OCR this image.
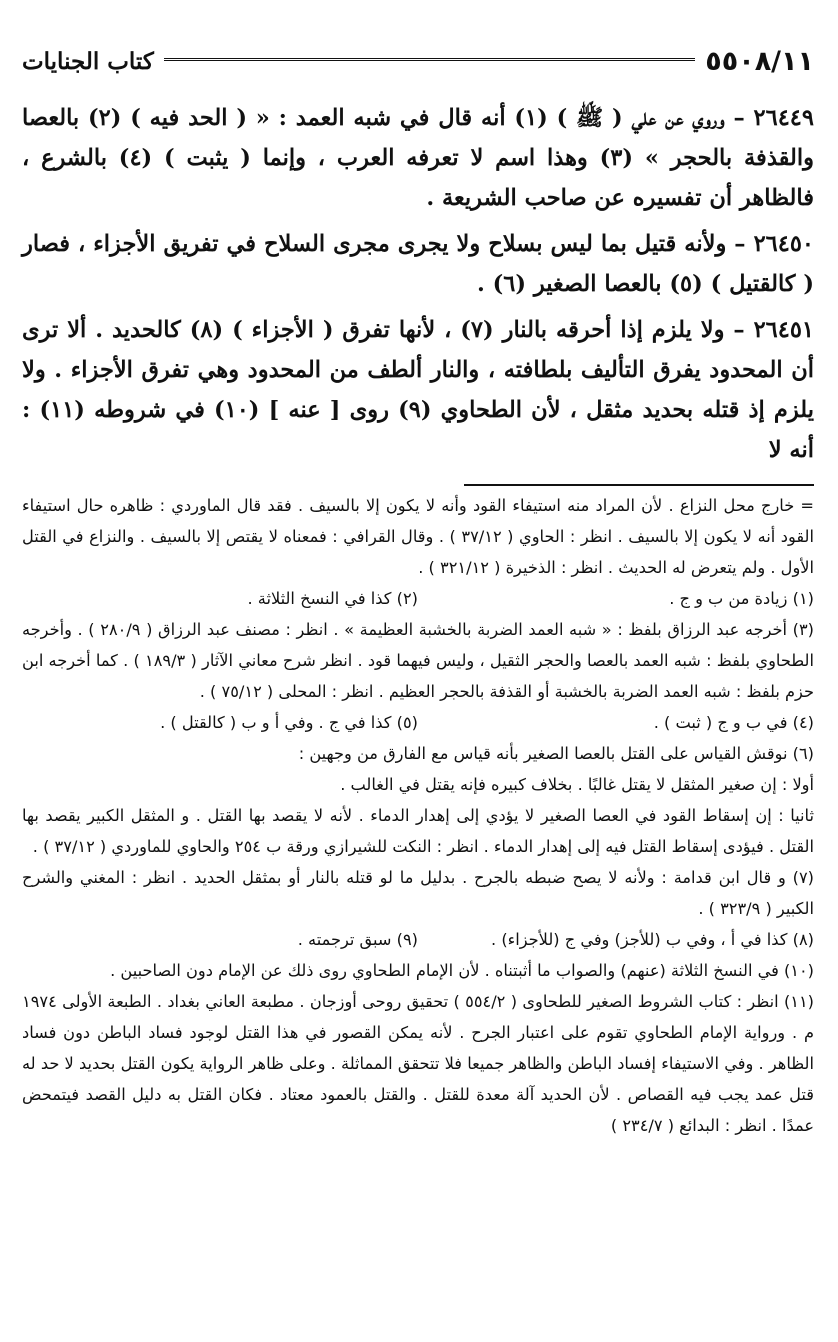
٥٥٠٨/١١
كتاب الجنايات

٢٦٤٤٩ – وروي عن علي ( ﷺ ) (١) أنه قال في شبه العمد : « ( الحد فيه ) (٢) بالعصا والقذفة بالحجر » (٣) وهذا اسم لا تعرفه العرب ، وإنما ( يثبت ) (٤) بالشرع ، فالظاهر أن تفسيره عن صاحب الشريعة .

٢٦٤٥٠ – ولأنه قتيل بما ليس بسلاح ولا يجرى مجرى السلاح في تفريق الأجزاء ، فصار ( كالقتيل ) (٥) بالعصا الصغير (٦) .

٢٦٤٥١ – ولا يلزم إذا أحرقه بالنار (٧) ، لأنها تفرق ( الأجزاء ) (٨) كالحديد . ألا ترى أن المحدود يفرق التأليف بلطافته ، والنار ألطف من المحدود وهي تفرق الأجزاء . ولا يلزم إذ قتله بحديد مثقل ، لأن الطحاوي (٩) روى [ عنه ] (١٠) في شروطه (١١) : أنه لا

= خارج محل النزاع . لأن المراد منه استيفاء القود وأنه لا يكون إلا بالسيف . فقد قال الماوردي : ظاهره حال استيفاء القود أنه لا يكون إلا بالسيف . انظر : الحاوي ( ٣٧/١٢ ) . وقال القرافي : فمعناه لا يقتص إلا بالسيف . والنزاع في القتل الأول . ولم يتعرض له الحديث . انظر : الذخيرة ( ٣٢١/١٢ ) .

(١) زيادة من ب و ج .
(٢) كذا في النسخ الثلاثة .

(٣) أخرجه عبد الرزاق بلفظ : « شبه العمد الضربة بالخشبة العظيمة » . انظر : مصنف عبد الرزاق ( ٢٨٠/٩ ) . وأخرجه الطحاوي بلفظ : شبه العمد بالعصا والحجر الثقيل ، وليس فيهما قود . انظر شرح معاني الآثار ( ١٨٩/٣ ) . كما أخرجه ابن حزم بلفظ : شبه العمد الضربة بالخشبة أو القذفة بالحجر العظيم . انظر : المحلى ( ٧٥/١٢ ) .

(٤) في ب و ج ( ثبت ) .
(٥) كذا في ج . وفي أ و ب ( كالقتل ) .

(٦) نوقش القياس على القتل بالعصا الصغير بأنه قياس مع الفارق من وجهين :

أولا : إن صغير المثقل لا يقتل غالبًا . بخلاف كبيره فإنه يقتل في الغالب .

ثانيا : إن إسقاط القود في العصا الصغير لا يؤدي إلى إهدار الدماء . لأنه لا يقصد بها القتل . و المثقل الكبير يقصد بها القتل . فيؤدى إسقاط القتل فيه إلى إهدار الدماء . انظر : النكت للشيرازي ورقة ب ٢٥٤ والحاوي للماوردي ( ٣٧/١٢ ) .

(٧) و قال ابن قدامة : ولأنه لا يصح ضبطه بالجرح . بدليل ما لو قتله بالنار أو بمثقل الحديد . انظر : المغني والشرح الكبير ( ٣٢٣/٩ ) .

(٨) كذا في أ ، وفي ب (للأجز) وفي ج (للأجزاء) .
(٩) سبق ترجمته .

(١٠) في النسخ الثلاثة (عنهم) والصواب ما أثبتناه . لأن الإمام الطحاوي روى ذلك عن الإمام دون الصاحبين .

(١١) انظر : كتاب الشروط الصغير للطحاوى ( ٥٥٤/٢ ) تحقيق روحى أوزجان . مطبعة العاني بغداد . الطبعة الأولى ١٩٧٤ م . ورواية الإمام الطحاوي تقوم على اعتبار الجرح . لأنه يمكن القصور في هذا القتل لوجود فساد الباطن دون فساد الظاهر . وفي الاستيفاء إفساد الباطن والظاهر جميعا فلا تتحقق المماثلة . وعلى ظاهر الرواية يكون القتل بحديد لا حد له قتل عمد يجب فيه القصاص . لأن الحديد آلة معدة للقتل . والقتل بالعمود معتاد . فكان القتل به دليل القصد فيتمحض عمدًا . انظر : البدائع ( ٢٣٤/٧ )
